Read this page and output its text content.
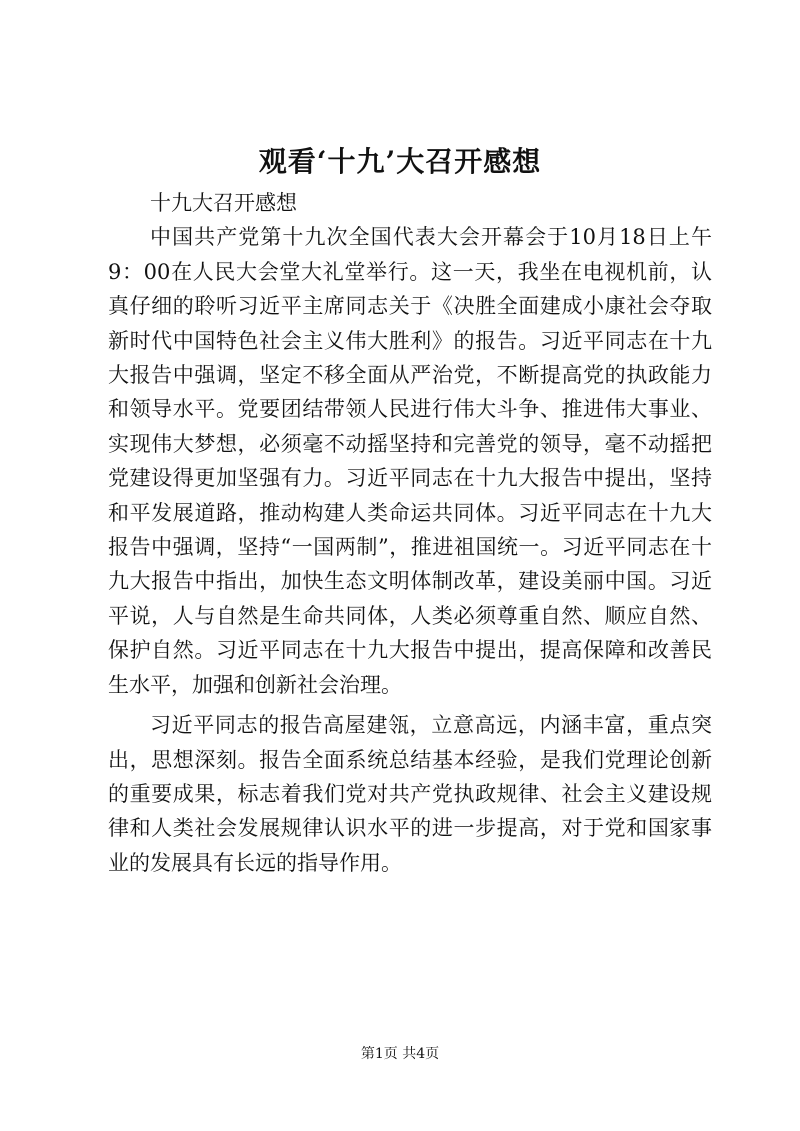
观看‘十九’大召开感想

十九大召开感想

中国共产党第十九次全国代表大会开幕会于10月18日上午9：00在人民大会堂大礼堂举行。这一天，我坐在电视机前，认真仔细的聆听习近平主席同志关于《决胜全面建成小康社会夺取新时代中国特色社会主义伟大胜利》的报告。习近平同志在十九大报告中强调，坚定不移全面从严治党，不断提高党的执政能力和领导水平。党要团结带领人民进行伟大斗争、推进伟大事业、实现伟大梦想，必须毫不动摇坚持和完善党的领导，毫不动摇把党建设得更加坚强有力。习近平同志在十九大报告中提出，坚持和平发展道路，推动构建人类命运共同体。习近平同志在十九大报告中强调，坚持“一国两制”，推进祖国统一。习近平同志在十九大报告中指出，加快生态文明体制改革，建设美丽中国。习近平说，人与自然是生命共同体，人类必须尊重自然、顺应自然、保护自然。习近平同志在十九大报告中提出，提高保障和改善民生水平，加强和创新社会治理。

习近平同志的报告高屋建瓴，立意高远，内涵丰富，重点突出，思想深刻。报告全面系统总结基本经验，是我们党理论创新的重要成果，标志着我们党对共产党执政规律、社会主义建设规律和人类社会发展规律认识水平的进一步提高，对于党和国家事业的发展具有长远的指导作用。

第1页 共4页
